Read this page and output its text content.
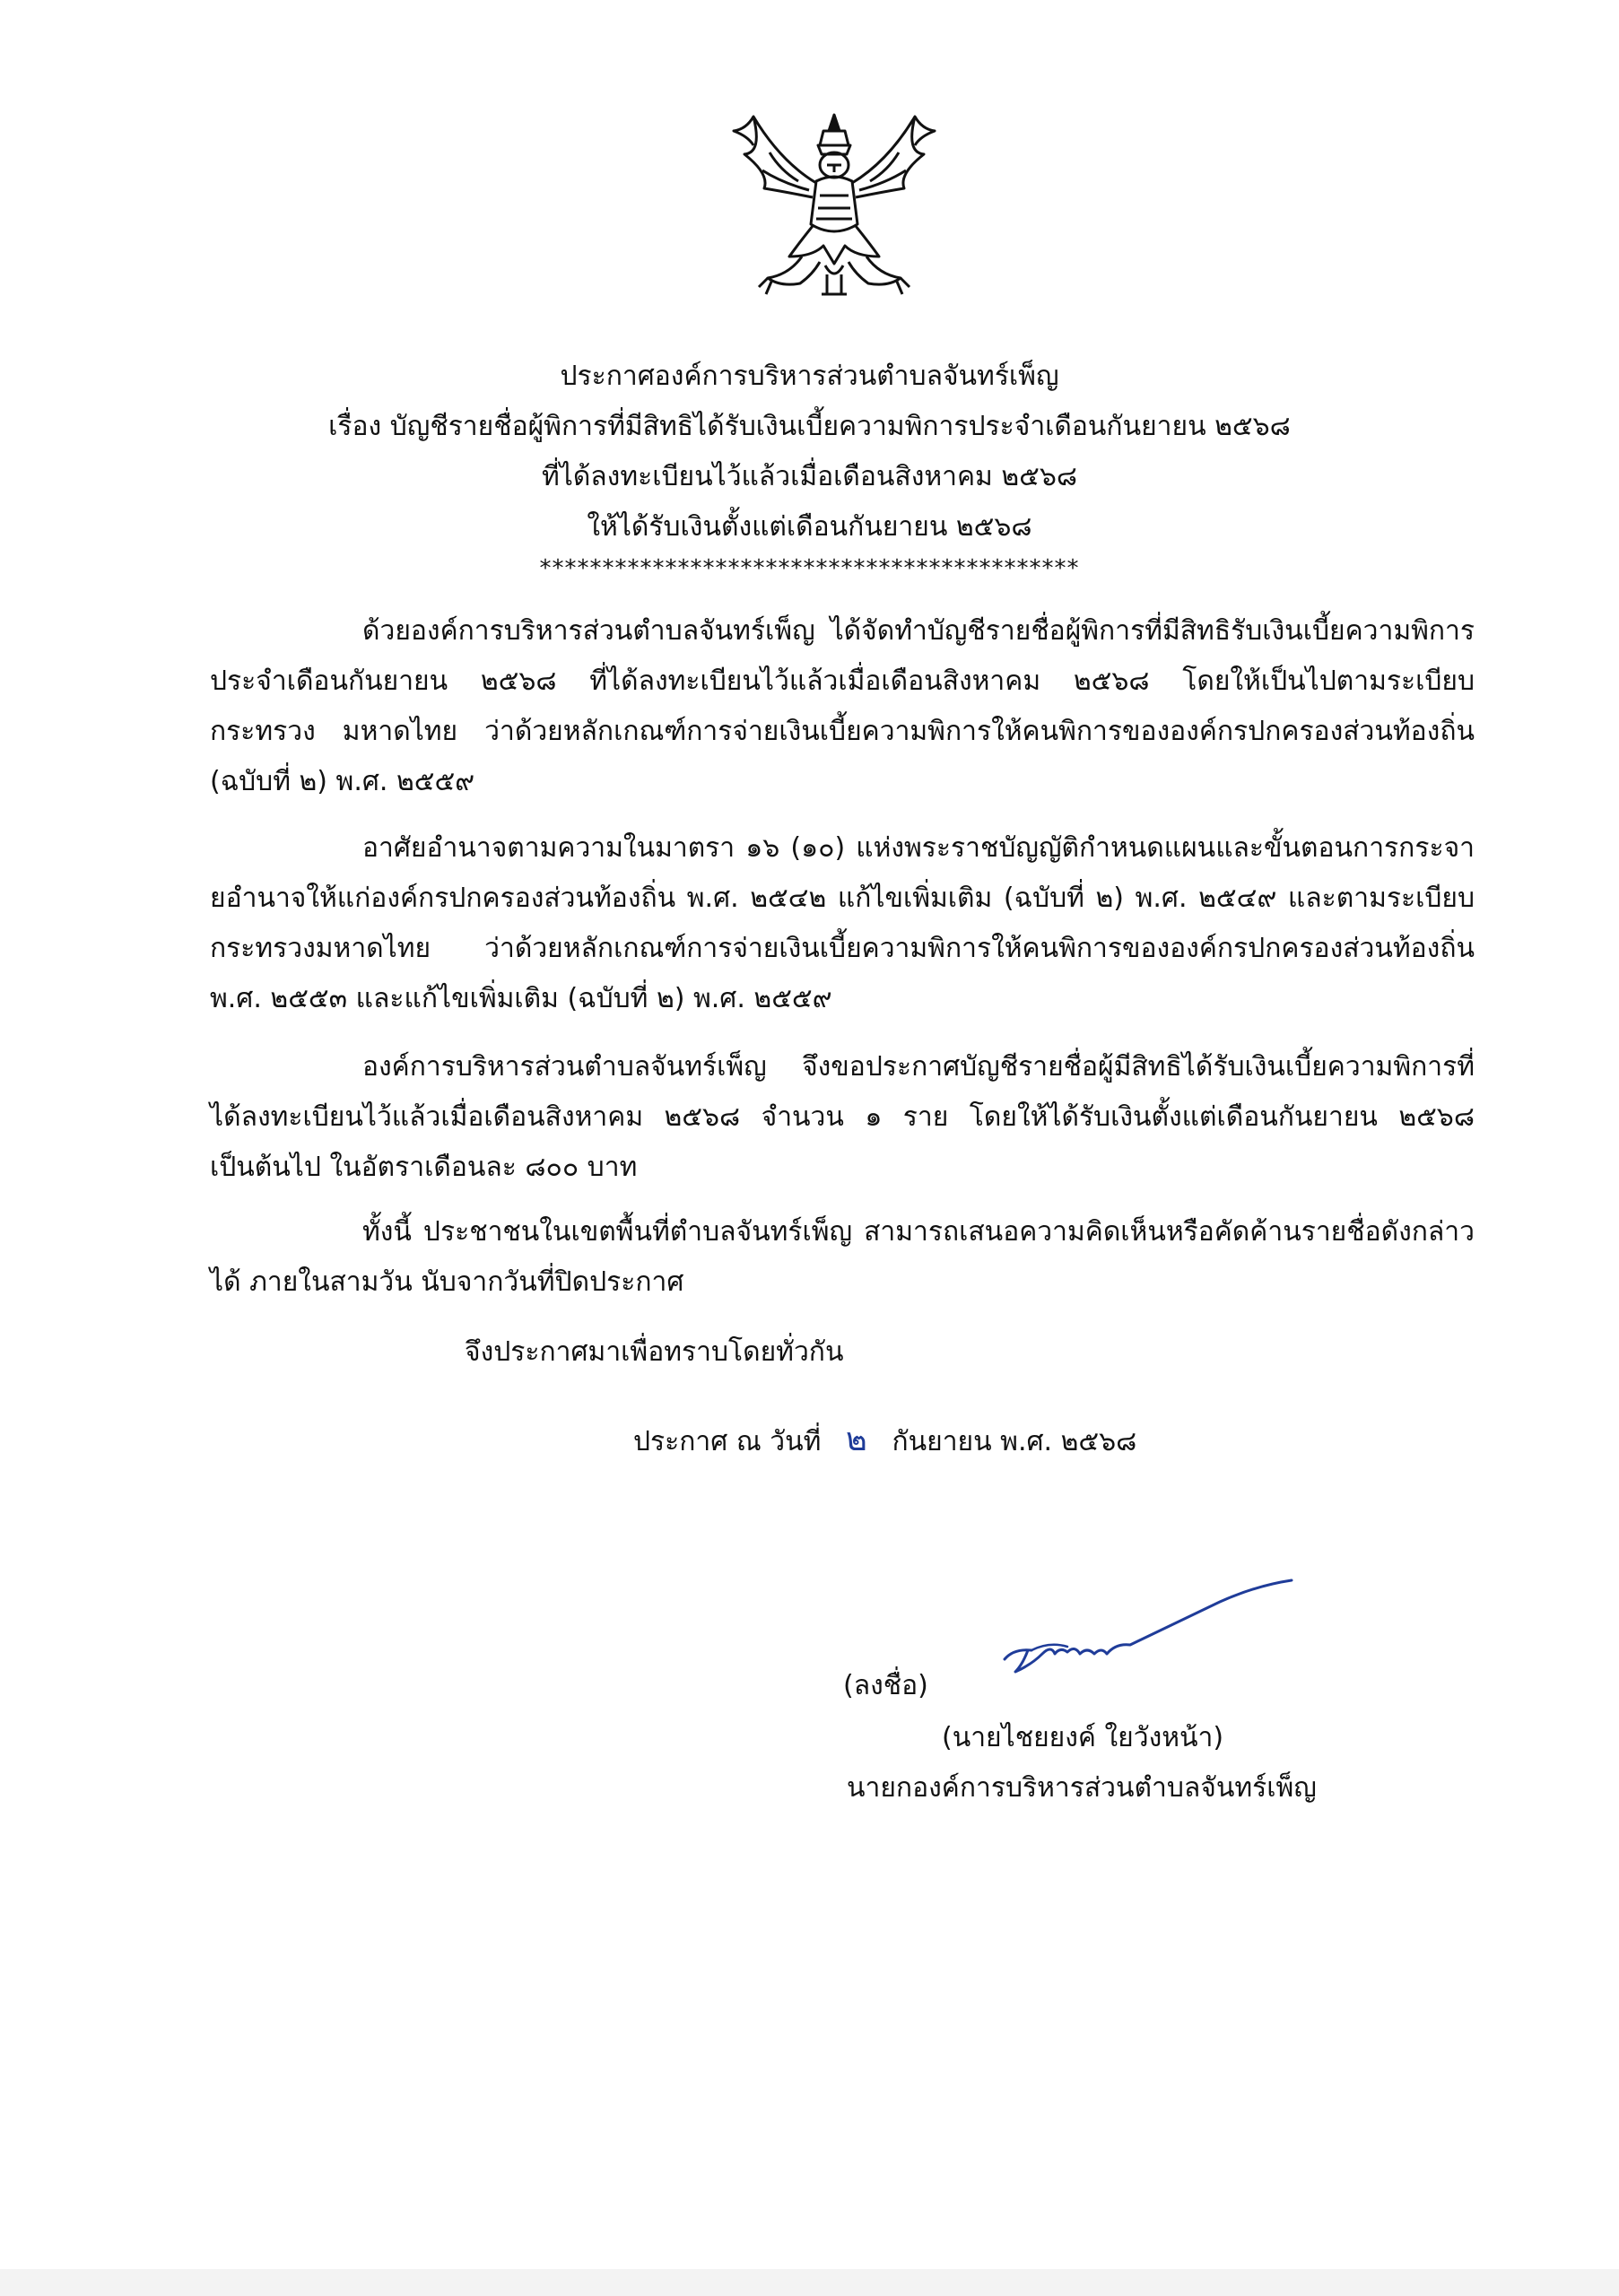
ประกาศองค์การบริหารส่วนตำบลจันทร์เพ็ญ
เรื่อง บัญชีรายชื่อผู้พิการที่มีสิทธิได้รับเงินเบี้ยความพิการประจำเดือนกันยายน ๒๕๖๘
ที่ได้ลงทะเบียนไว้แล้วเมื่อเดือนสิงหาคม ๒๕๖๘
ให้ได้รับเงินตั้งแต่เดือนกันยายน ๒๕๖๘
*******************************************
ด้วยองค์การบริหารส่วนตำบลจันทร์เพ็ญ ได้จัดทำบัญชีรายชื่อผู้พิการที่มีสิทธิรับเงินเบี้ยความพิการประจำเดือนกันยายน ๒๕๖๘ ที่ได้ลงทะเบียนไว้แล้วเมื่อเดือนสิงหาคม ๒๕๖๘ โดยให้เป็นไปตามระเบียบกระทรวง มหาดไทย ว่าด้วยหลักเกณฑ์การจ่ายเงินเบี้ยความพิการให้คนพิการขององค์กรปกครองส่วนท้องถิ่น (ฉบับที่ ๒) พ.ศ. ๒๕๕๙
อาศัยอำนาจตามความในมาตรา ๑๖ (๑๐) แห่งพระราชบัญญัติกำหนดแผนและขั้นตอนการกระจายอำนาจให้แก่องค์กรปกครองส่วนท้องถิ่น พ.ศ. ๒๕๔๒ แก้ไขเพิ่มเติม (ฉบับที่ ๒) พ.ศ. ๒๕๔๙ และตามระเบียบกระทรวงมหาดไทย ว่าด้วยหลักเกณฑ์การจ่ายเงินเบี้ยความพิการให้คนพิการขององค์กรปกครองส่วนท้องถิ่น พ.ศ. ๒๕๕๓ และแก้ไขเพิ่มเติม (ฉบับที่ ๒) พ.ศ. ๒๕๕๙
องค์การบริหารส่วนตำบลจันทร์เพ็ญ จึงขอประกาศบัญชีรายชื่อผู้มีสิทธิได้รับเงินเบี้ยความพิการที่ได้ลงทะเบียนไว้แล้วเมื่อเดือนสิงหาคม ๒๕๖๘ จำนวน ๑ ราย โดยให้ได้รับเงินตั้งแต่เดือนกันยายน ๒๕๖๘ เป็นต้นไป ในอัตราเดือนละ ๘๐๐ บาท
ทั้งนี้ ประชาชนในเขตพื้นที่ตำบลจันทร์เพ็ญ สามารถเสนอความคิดเห็นหรือคัดค้านรายชื่อดังกล่าวได้ ภายในสามวัน นับจากวันที่ปิดประกาศ
จึงประกาศมาเพื่อทราบโดยทั่วกัน
ประกาศ ณ วันที่ ๒ กันยายน พ.ศ. ๒๕๖๘
(ลงชื่อ)
(นายไชยยงค์ ใยวังหน้า)
นายกองค์การบริหารส่วนตำบลจันทร์เพ็ญ
